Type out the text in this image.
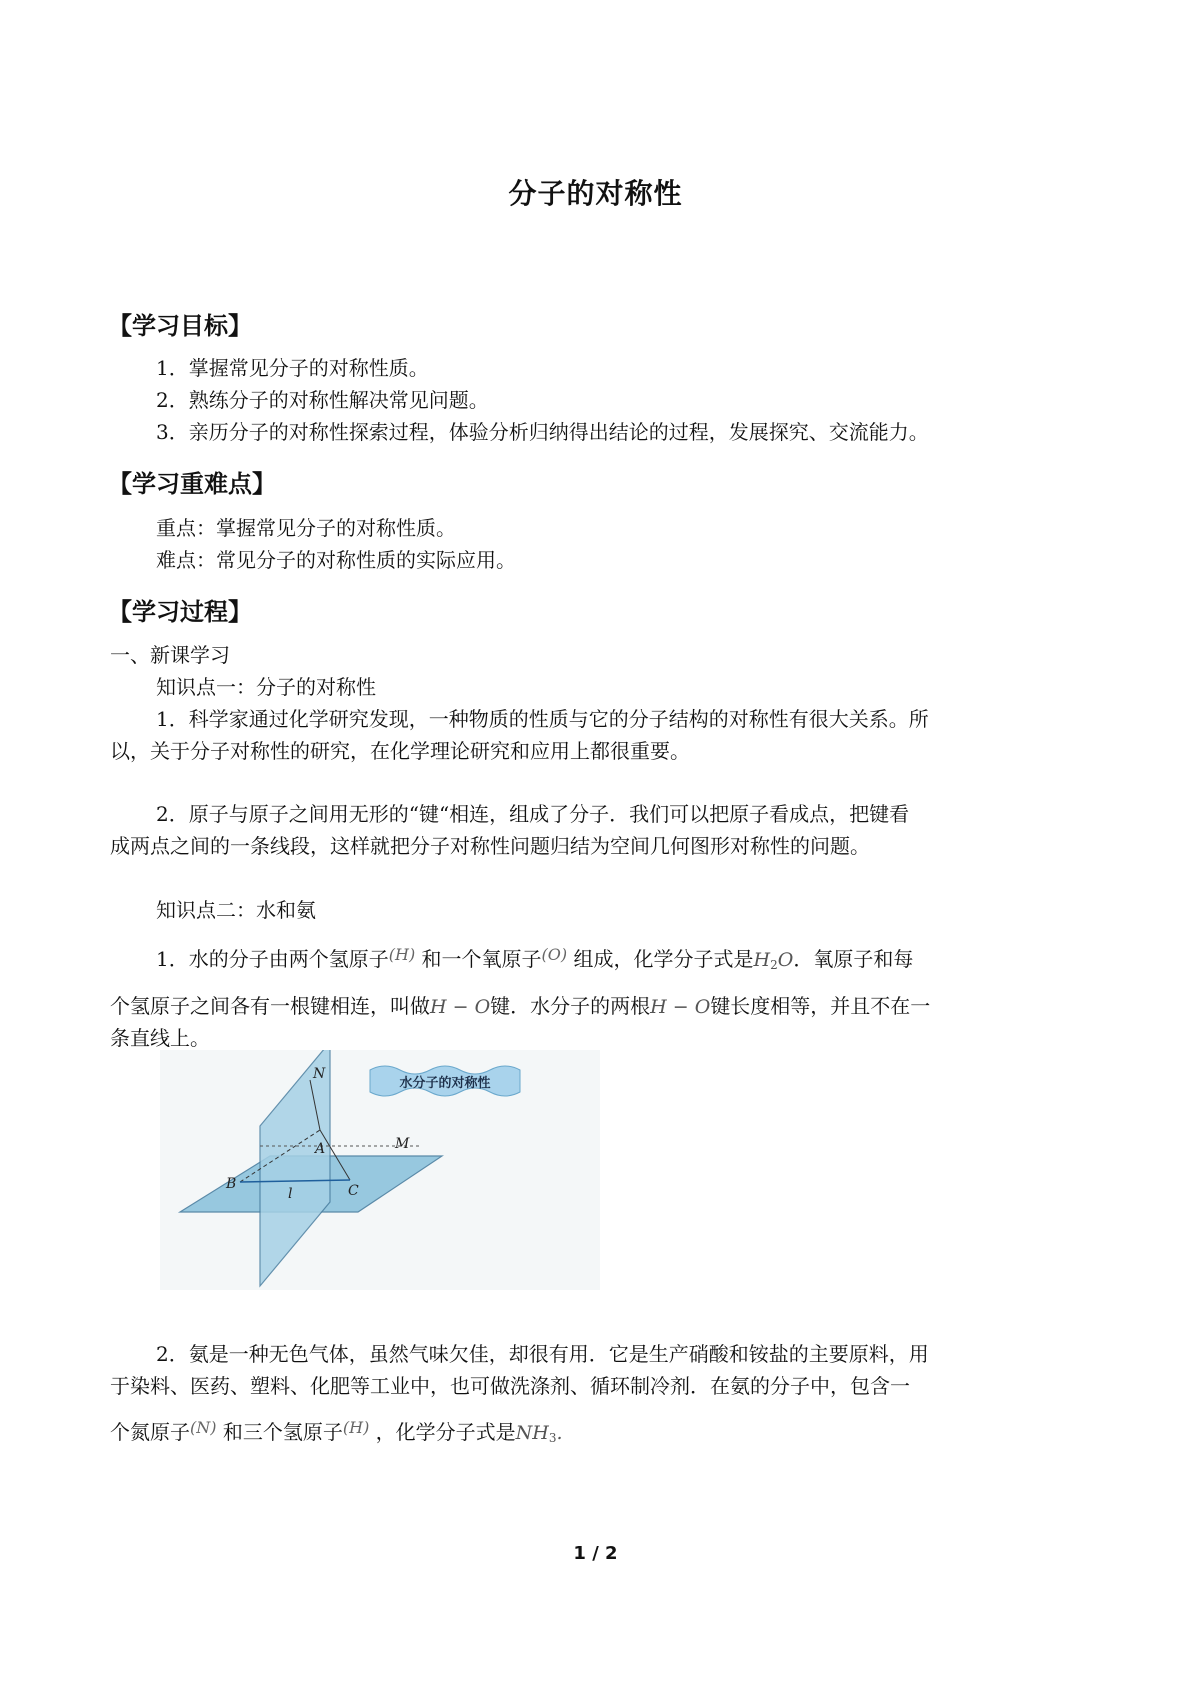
分子的对称性
【学习目标】
1．掌握常见分子的对称性质。
2．熟练分子的对称性解决常见问题。
3．亲历分子的对称性探索过程，体验分析归纳得出结论的过程，发展探究、交流能力。
【学习重难点】
重点：掌握常见分子的对称性质。
难点：常见分子的对称性质的实际应用。
【学习过程】
一、新课学习
知识点一：分子的对称性
1．科学家通过化学研究发现，一种物质的性质与它的分子结构的对称性有很大关系。所
以，关于分子对称性的研究，在化学理论研究和应用上都很重要。
2．原子与原子之间用无形的“键“相连，组成了分子．我们可以把原子看成点，把键看
成两点之间的一条线段，这样就把分子对称性问题归结为空间几何图形对称性的问题。
知识点二：水和氨
1．水的分子由两个氢原子$^{(H)}$ 和一个氧原子$^{(O)}$ 组成，化学分子式是$H_2O$．氧原子和每
个氢原子之间各有一根键相连，叫做H − O键．水分子的两根H − O键长度相等，并且不在一
条直线上。
N
M
A
B	C
l
水分子的对称性
2．氨是一种无色气体，虽然气味欠佳，却很有用．它是生产硝酸和铵盐的主要原料，用
于染料、医药、塑料、化肥等工业中，也可做洗涤剂、循环制冷剂．在氨的分子中，包含一
个氮原子$^{(N)}$ 和三个氢原子$^{(H)}$ ，化学分子式是$NH_3$.
1 / 2
